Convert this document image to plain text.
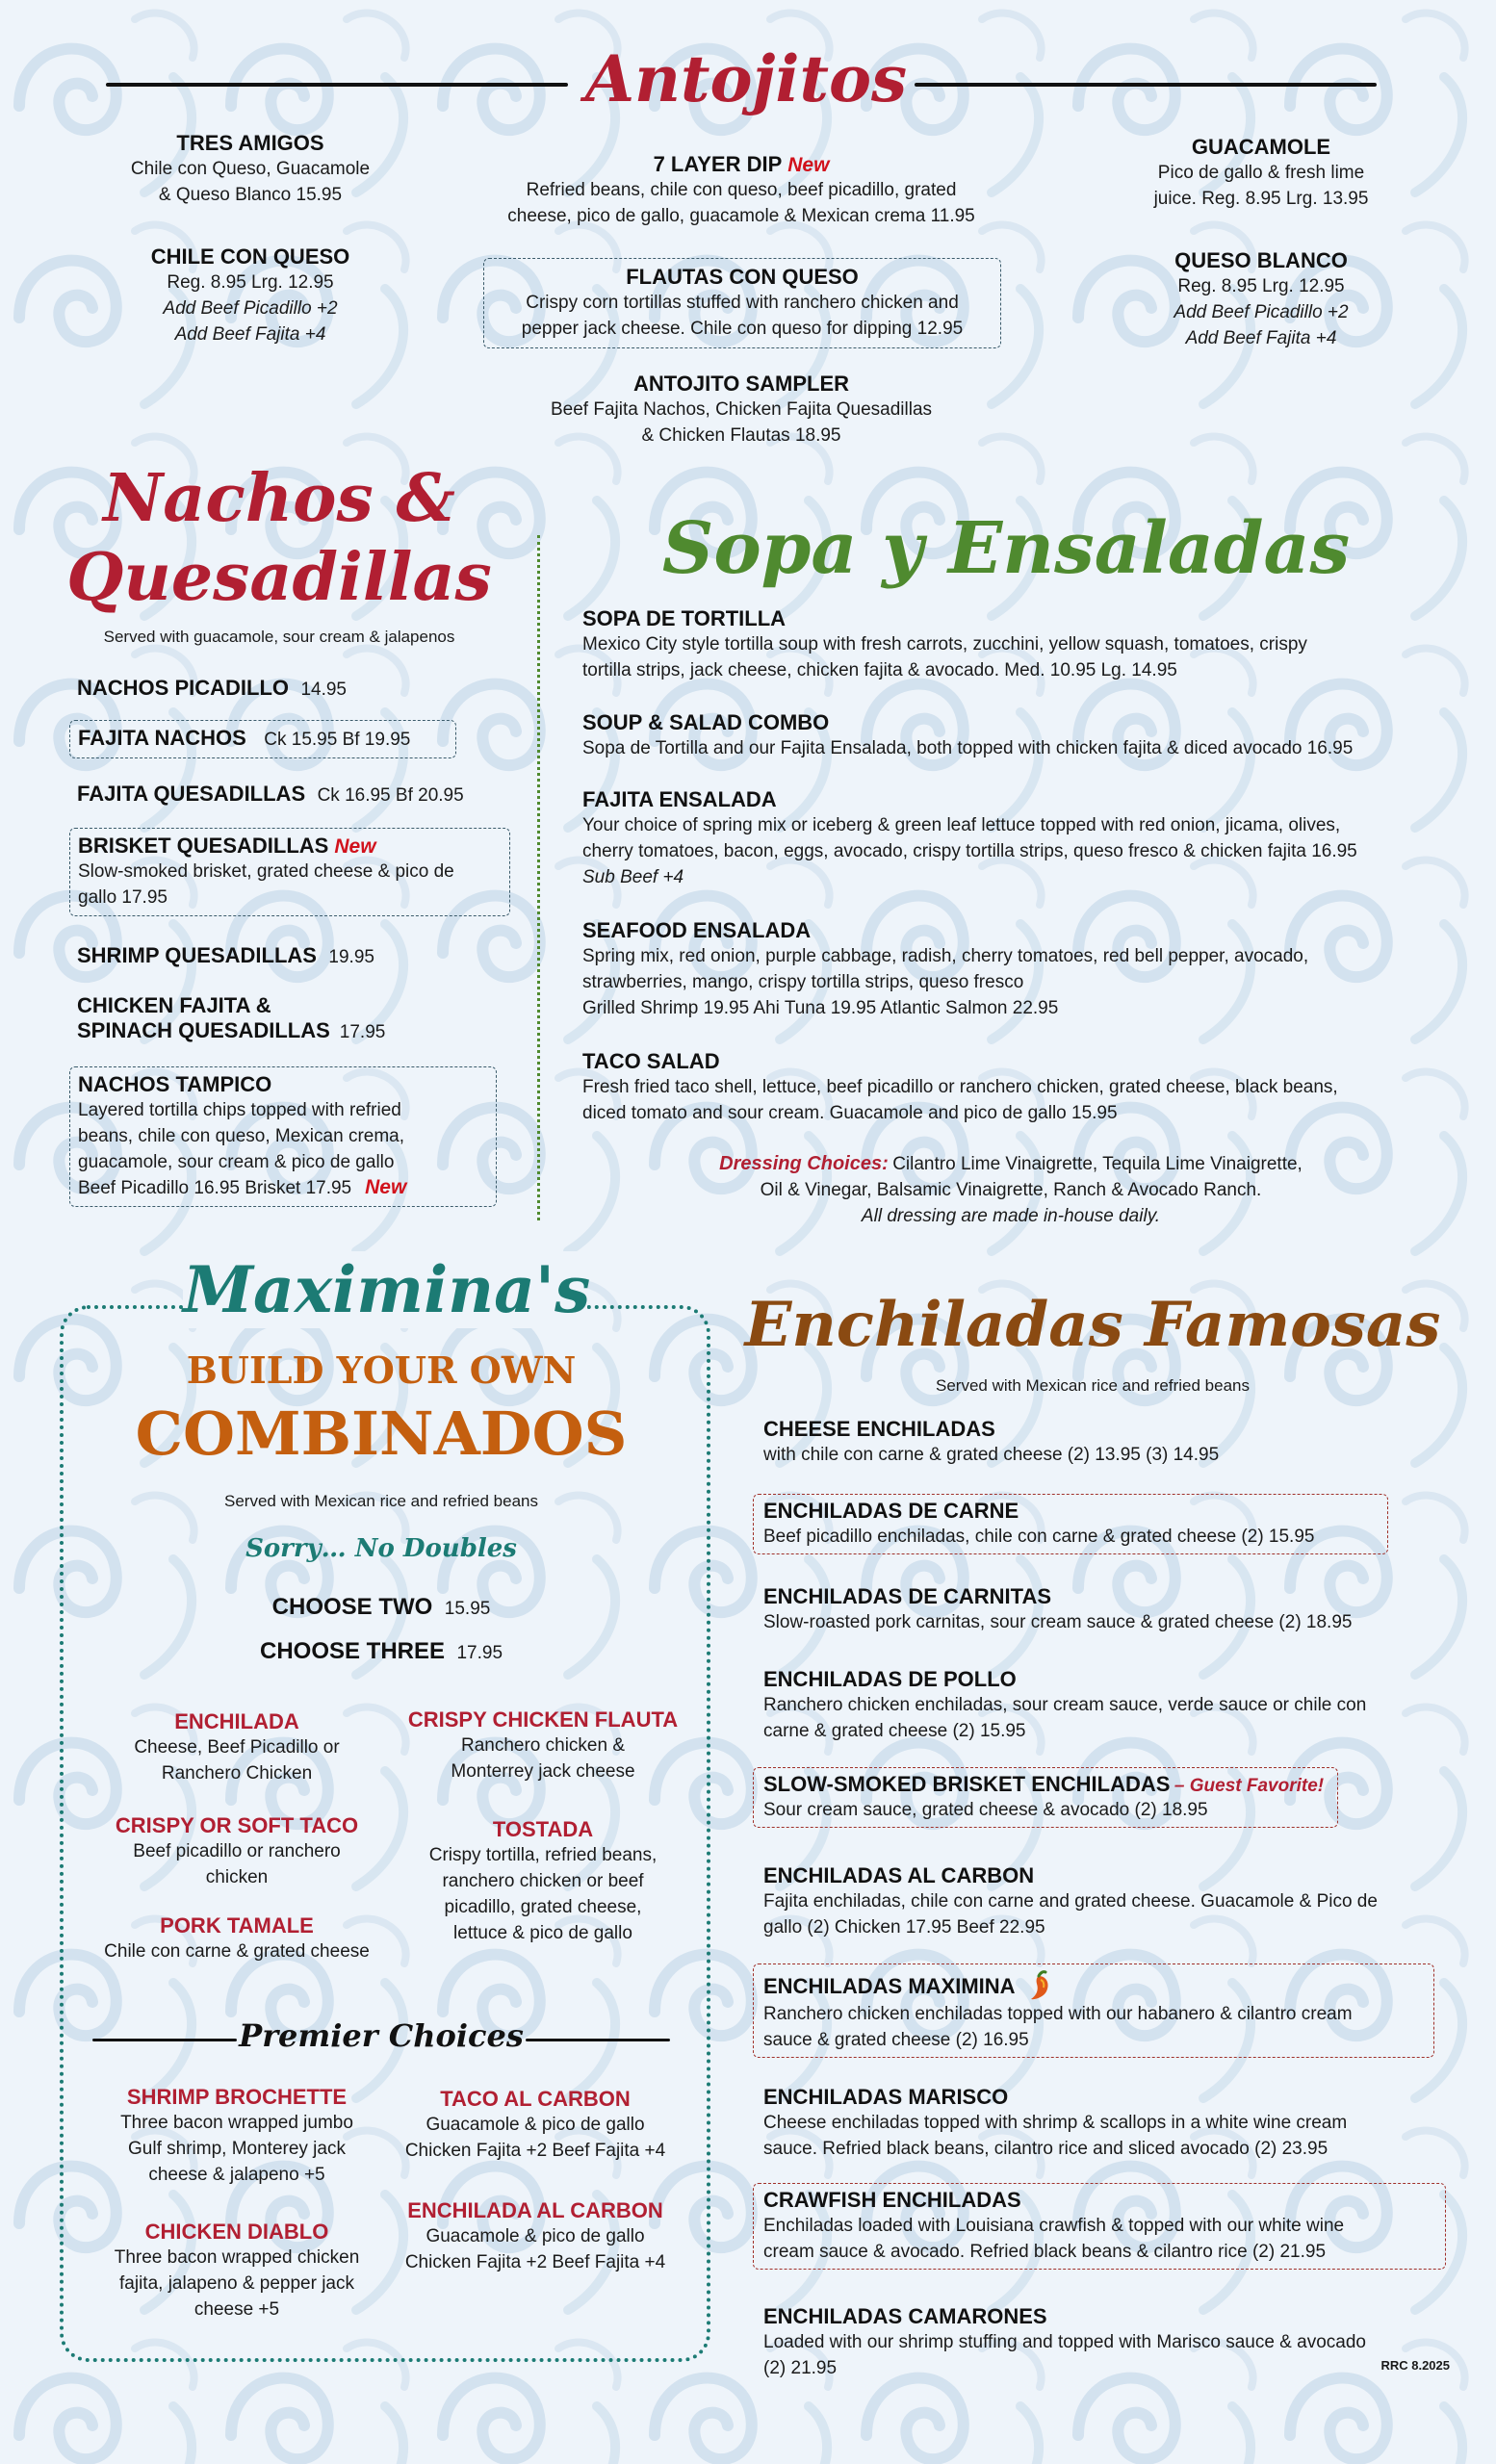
Antojitos
TRES AMIGOS
Chile con Queso, Guacamole
& Queso Blanco 15.95
CHILE CON QUESO
Reg. 8.95 Lrg. 12.95
Add Beef Picadillo +2
Add Beef Fajita +4
7 LAYER DIP New
Refried beans, chile con queso, beef picadillo, grated
cheese, pico de gallo, guacamole & Mexican crema 11.95
FLAUTAS CON QUESO
Crispy corn tortillas stuffed with ranchero chicken and
pepper jack cheese. Chile con queso for dipping 12.95
ANTOJITO SAMPLER
Beef Fajita Nachos, Chicken Fajita Quesadillas
& Chicken Flautas 18.95
GUACAMOLE
Pico de gallo & fresh lime
juice. Reg. 8.95 Lrg. 13.95
QUESO BLANCO
Reg. 8.95 Lrg. 12.95
Add Beef Picadillo +2
Add Beef Fajita +4
Nachos &
Quesadillas
Served with guacamole, sour cream & jalapenos
NACHOS PICADILLO 14.95
FAJITA NACHOS Ck 15.95 Bf 19.95
FAJITA QUESADILLAS Ck 16.95 Bf 20.95
BRISKET QUESADILLAS New
Slow-smoked brisket, grated cheese & pico de
gallo 17.95
SHRIMP QUESADILLAS 19.95
CHICKEN FAJITA &
SPINACH QUESADILLAS 17.95
NACHOS TAMPICO
Layered tortilla chips topped with refried
beans, chile con queso, Mexican crema,
guacamole, sour cream & pico de gallo
Beef Picadillo 16.95 Brisket 17.95 New
Sopa y Ensaladas
SOPA DE TORTILLA
Mexico City style tortilla soup with fresh carrots, zucchini, yellow squash, tomatoes, crispy
tortilla strips, jack cheese, chicken fajita & avocado. Med. 10.95 Lg. 14.95
SOUP & SALAD COMBO
Sopa de Tortilla and our Fajita Ensalada, both topped with chicken fajita & diced avocado 16.95
FAJITA ENSALADA
Your choice of spring mix or iceberg & green leaf lettuce topped with red onion, jicama, olives,
cherry tomatoes, bacon, eggs, avocado, crispy tortilla strips, queso fresco & chicken fajita 16.95
Sub Beef +4
SEAFOOD ENSALADA
Spring mix, red onion, purple cabbage, radish, cherry tomatoes, red bell pepper, avocado,
strawberries, mango, crispy tortilla strips, queso fresco
Grilled Shrimp 19.95 Ahi Tuna 19.95 Atlantic Salmon 22.95
TACO SALAD
Fresh fried taco shell, lettuce, beef picadillo or ranchero chicken, grated cheese, black beans,
diced tomato and sour cream. Guacamole and pico de gallo 15.95
Dressing Choices: Cilantro Lime Vinaigrette, Tequila Lime Vinaigrette,
Oil & Vinegar, Balsamic Vinaigrette, Ranch & Avocado Ranch.
All dressing are made in-house daily.
Maximina's
BUILD YOUR OWN
COMBINADOS
Served with Mexican rice and refried beans
Sorry… No Doubles
CHOOSE TWO 15.95
CHOOSE THREE 17.95
ENCHILADA
Cheese, Beef Picadillo or
Ranchero Chicken
CRISPY OR SOFT TACO
Beef picadillo or ranchero
chicken
PORK TAMALE
Chile con carne & grated cheese
CRISPY CHICKEN FLAUTA
Ranchero chicken &
Monterrey jack cheese
TOSTADA
Crispy tortilla, refried beans,
ranchero chicken or beef
picadillo, grated cheese,
lettuce & pico de gallo
Premier Choices
SHRIMP BROCHETTE
Three bacon wrapped jumbo
Gulf shrimp, Monterey jack
cheese & jalapeno +5
CHICKEN DIABLO
Three bacon wrapped chicken
fajita, jalapeno & pepper jack
cheese +5
TACO AL CARBON
Guacamole & pico de gallo
Chicken Fajita +2 Beef Fajita +4
ENCHILADA AL CARBON
Guacamole & pico de gallo
Chicken Fajita +2 Beef Fajita +4
Enchiladas Famosas
Served with Mexican rice and refried beans
CHEESE ENCHILADAS
with chile con carne & grated cheese (2) 13.95 (3) 14.95
ENCHILADAS DE CARNE
Beef picadillo enchiladas, chile con carne & grated cheese (2) 15.95
ENCHILADAS DE CARNITAS
Slow-roasted pork carnitas, sour cream sauce & grated cheese (2) 18.95
ENCHILADAS DE POLLO
Ranchero chicken enchiladas, sour cream sauce, verde sauce or chile con
carne & grated cheese (2) 15.95
SLOW-SMOKED BRISKET ENCHILADAS – Guest Favorite!
Sour cream sauce, grated cheese & avocado (2) 18.95
ENCHILADAS AL CARBON
Fajita enchiladas, chile con carne and grated cheese. Guacamole & Pico de
gallo (2) Chicken 17.95 Beef 22.95
ENCHILADAS MAXIMINA
Ranchero chicken enchiladas topped with our habanero & cilantro cream
sauce & grated cheese (2) 16.95
ENCHILADAS MARISCO
Cheese enchiladas topped with shrimp & scallops in a white wine cream
sauce. Refried black beans, cilantro rice and sliced avocado (2) 23.95
CRAWFISH ENCHILADAS
Enchiladas loaded with Louisiana crawfish & topped with our white wine
cream sauce & avocado. Refried black beans & cilantro rice (2) 21.95
ENCHILADAS CAMARONES
Loaded with our shrimp stuffing and topped with Marisco sauce & avocado
(2) 21.95	RRC 8.2025
